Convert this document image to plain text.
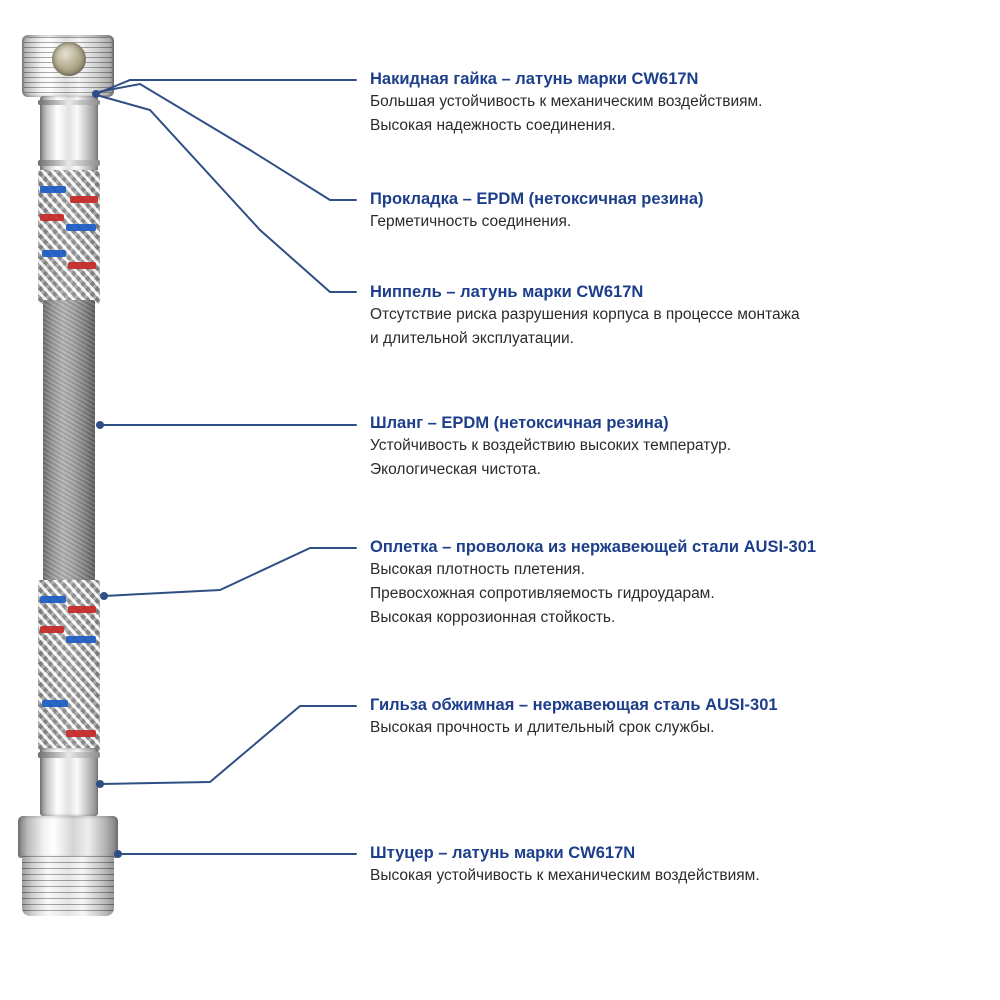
Накидная гайка – латунь марки CW617N
Большая устойчивость к механическим воздействиям.
Высокая надежность соединения.
Прокладка – EPDM (нетоксичная резина)
Герметичность соединения.
Ниппель – латунь марки CW617N
Отсутствие риска разрушения корпуса в процессе монтажа
и длительной эксплуатации.
Шланг – EPDM (нетоксичная резина)
Устойчивость к воздействию высоких температур.
Экологическая чистота.
Оплетка – проволока из нержавеющей стали AUSI-301
Высокая плотность плетения.
Превосхожная сопротивляемость гидроударам.
Высокая коррозионная стойкость.
Гильза обжимная – нержавеющая сталь AUSI-301
Высокая прочность и длительный срок службы.
Штуцер – латунь марки CW617N
Высокая устойчивость к механическим воздействиям.
